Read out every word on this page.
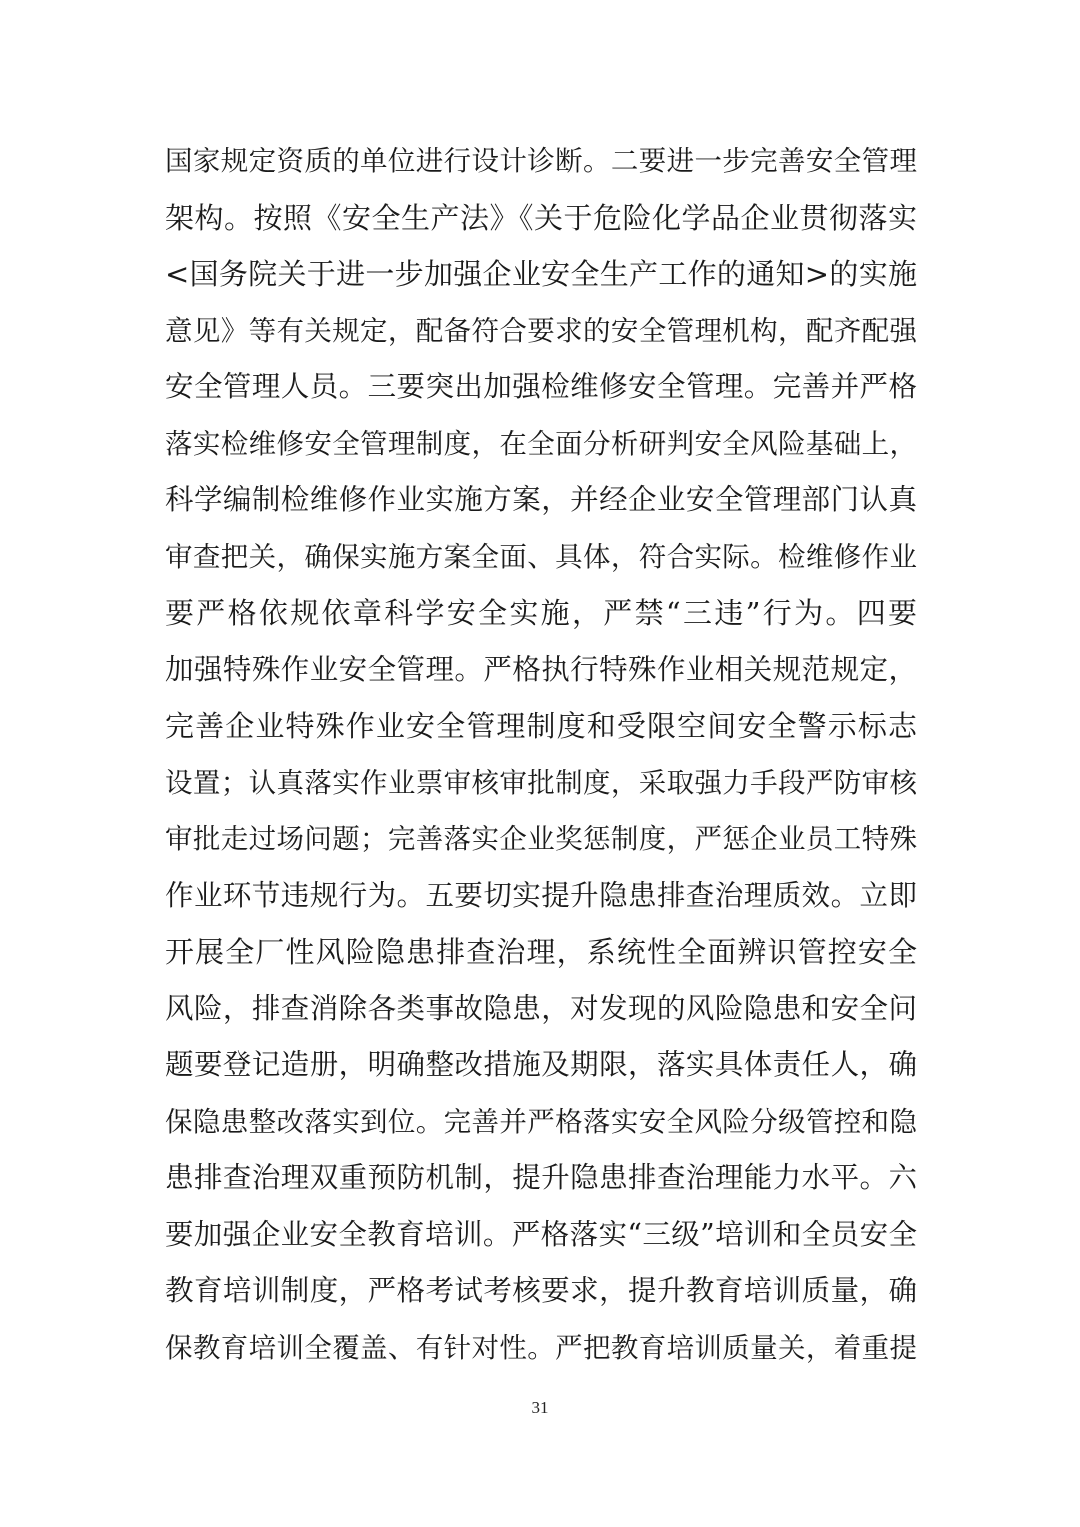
国家规定资质的单位进行设计诊断。二要进一步完善安全管理
架构。按照《安全生产法》《关于危险化学品企业贯彻落实
<国务院关于进一步加强企业安全生产工作的通知>的实施
意见》等有关规定，配备符合要求的安全管理机构，配齐配强
安全管理人员。三要突出加强检维修安全管理。完善并严格
落实检维修安全管理制度，在全面分析研判安全风险基础上，
科学编制检维修作业实施方案，并经企业安全管理部门认真
审查把关，确保实施方案全面、具体，符合实际。检维修作业
要严格依规依章科学安全实施，严禁“三违”行为。四要
加强特殊作业安全管理。严格执行特殊作业相关规范规定，
完善企业特殊作业安全管理制度和受限空间安全警示标志
设置；认真落实作业票审核审批制度，采取强力手段严防审核
审批走过场问题；完善落实企业奖惩制度，严惩企业员工特殊
作业环节违规行为。五要切实提升隐患排查治理质效。立即
开展全厂性风险隐患排查治理，系统性全面辨识管控安全
风险，排查消除各类事故隐患，对发现的风险隐患和安全问
题要登记造册，明确整改措施及期限，落实具体责任人，确
保隐患整改落实到位。完善并严格落实安全风险分级管控和隐
患排查治理双重预防机制，提升隐患排查治理能力水平。六
要加强企业安全教育培训。严格落实“三级”培训和全员安全
教育培训制度，严格考试考核要求，提升教育培训质量，确
保教育培训全覆盖、有针对性。严把教育培训质量关，着重提
31
